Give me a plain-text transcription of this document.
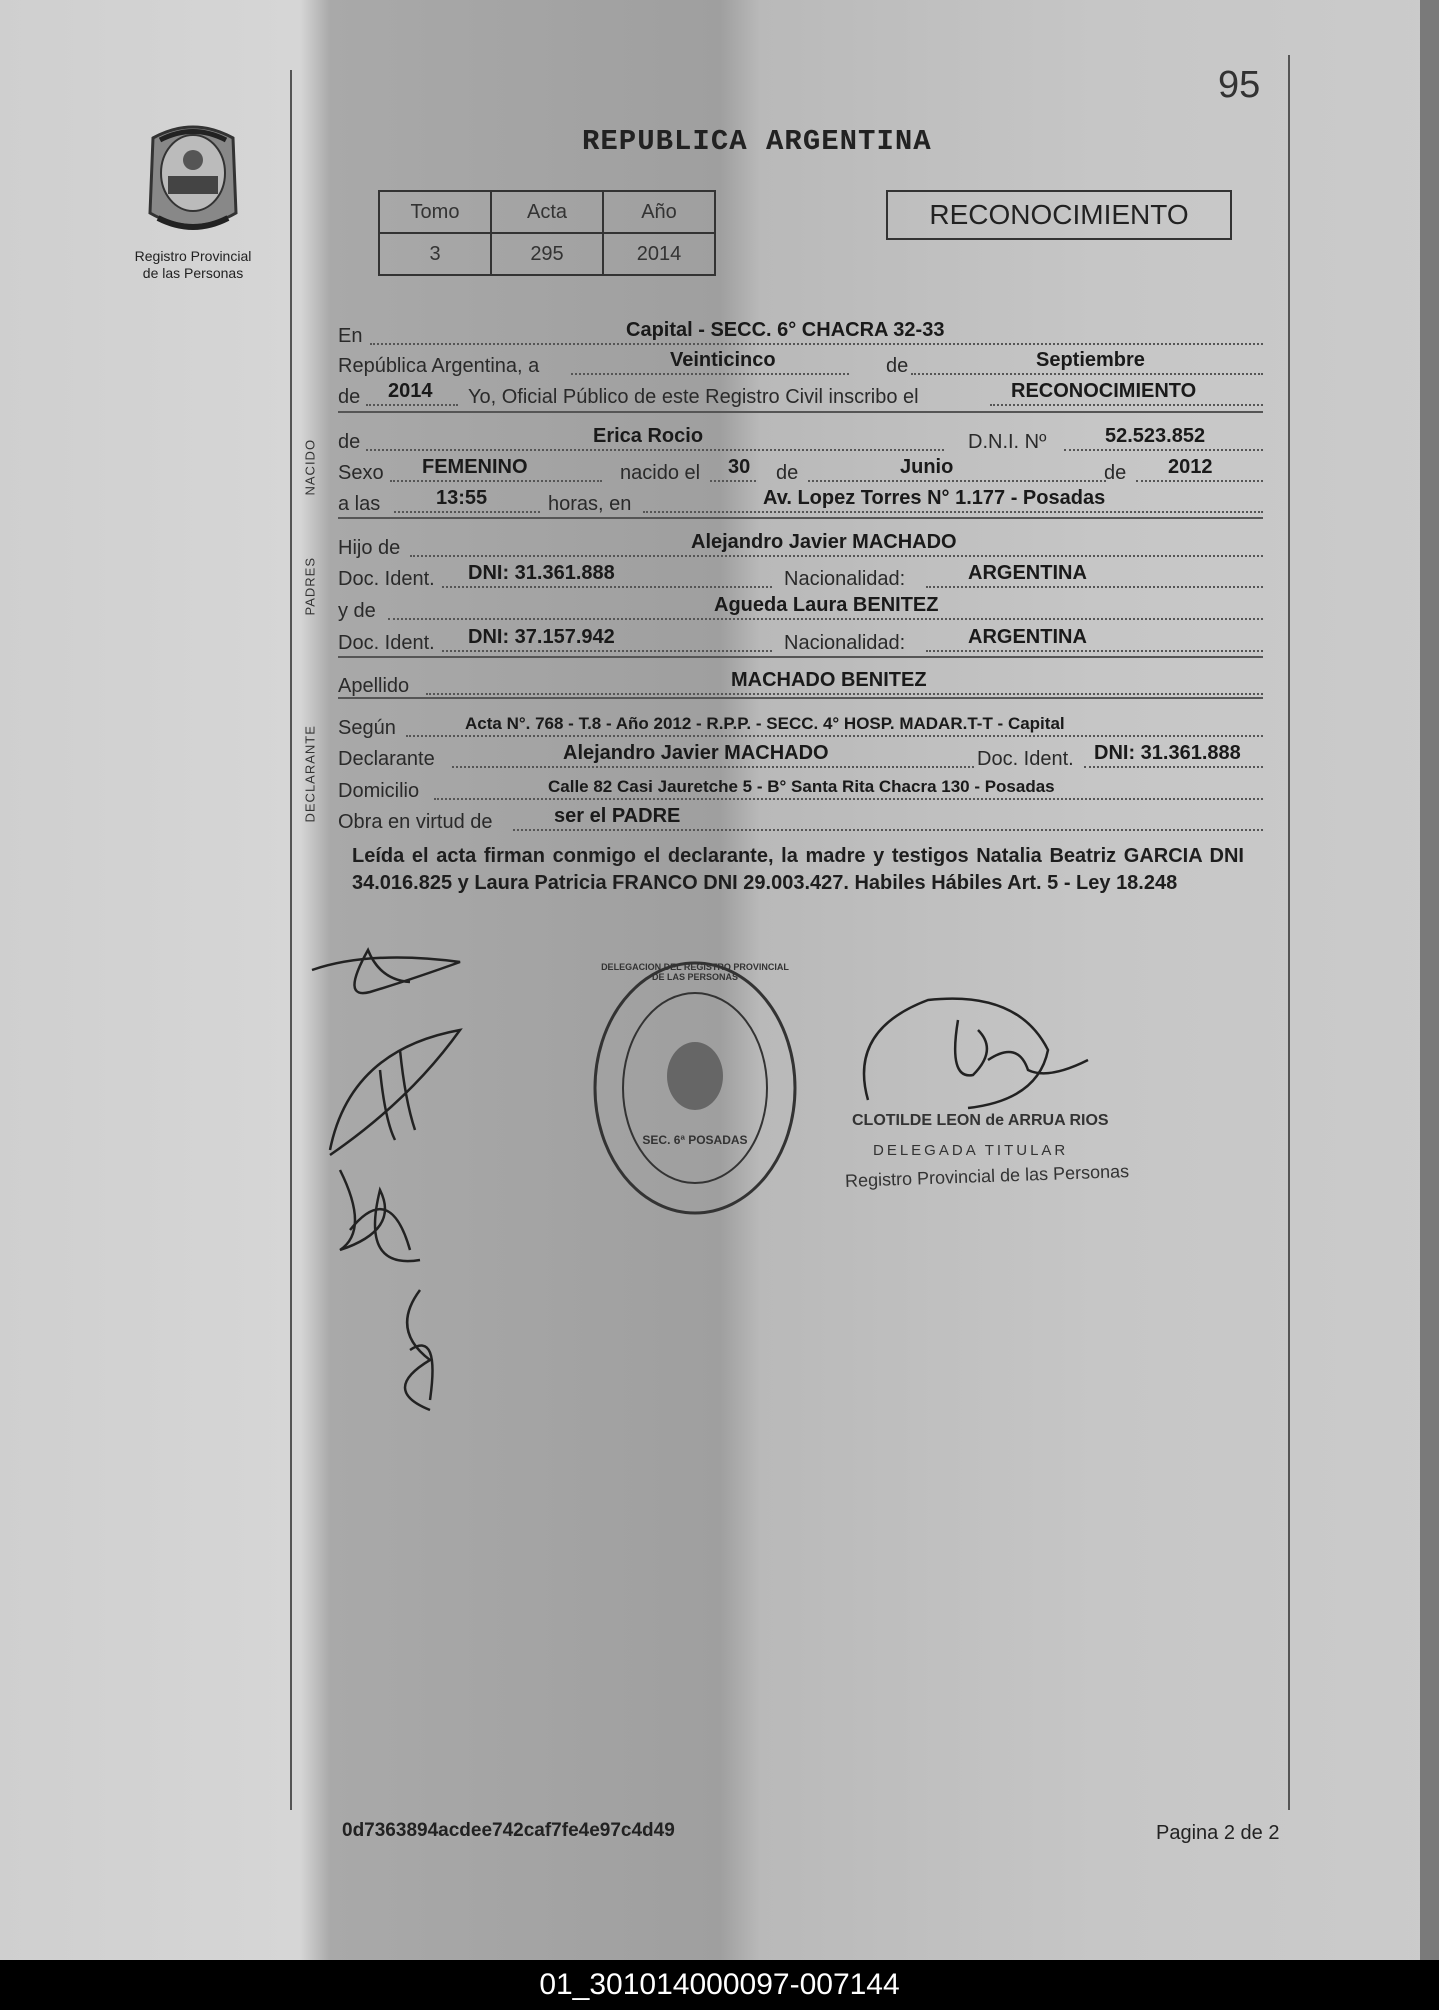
95
Registro Provincial
de las Personas
REPUBLICA ARGENTINA
Tomo	Acta	Año
3	295	2014
RECONOCIMIENTO
En	Capital - SECC. 6° CHACRA 32-33
República Argentina, a	Veinticinco	de	Septiembre
de 2014 Yo, Oficial Público de este Registro Civil inscribo el	RECONOCIMIENTO
de	Erica Rocio	D.N.I. Nº	52.523.852
Sexo FEMENINO	nacido el 30 de	Junio	de 2012
a las	13:55	horas, en	Av. Lopez Torres N° 1.177 - Posadas
Hijo de	Alejandro Javier MACHADO
Doc. Ident. DNI: 31.361.888	Nacionalidad:	ARGENTINA
y de	Agueda Laura BENITEZ
Doc. Ident. DNI: 37.157.942	Nacionalidad:	ARGENTINA
Apellido	MACHADO BENITEZ
Según	Acta N°. 768 - T.8 - Año 2012 - R.P.P. - SECC. 4° HOSP. MADAR.T-T - Capital
Declarante	Alejandro Javier MACHADO	Doc. Ident. DNI: 31.361.888
Domicilio	Calle 82 Casi Jauretche 5 - B° Santa Rita Chacra 130 - Posadas
Obra en virtud de	ser el PADRE
NACIDO
PADRES
DECLARANTE
Leída el acta firman conmigo el declarante, la madre y testigos Natalia Beatriz GARCIA DNI 34.016.825 y Laura Patricia FRANCO DNI 29.003.427. Habiles Hábiles Art. 5 - Ley 18.248
DELEGACION DEL REGISTRO PROVINCIAL DE LAS PERSONAS
SEC. 6ª POSADAS
CLOTILDE LEON de ARRUA RIOS
DELEGADA TITULAR
Registro Provincial de las Personas
0d7363894acdee742caf7fe4e97c4d49	Pagina 2 de 2
01_301014000097-007144
